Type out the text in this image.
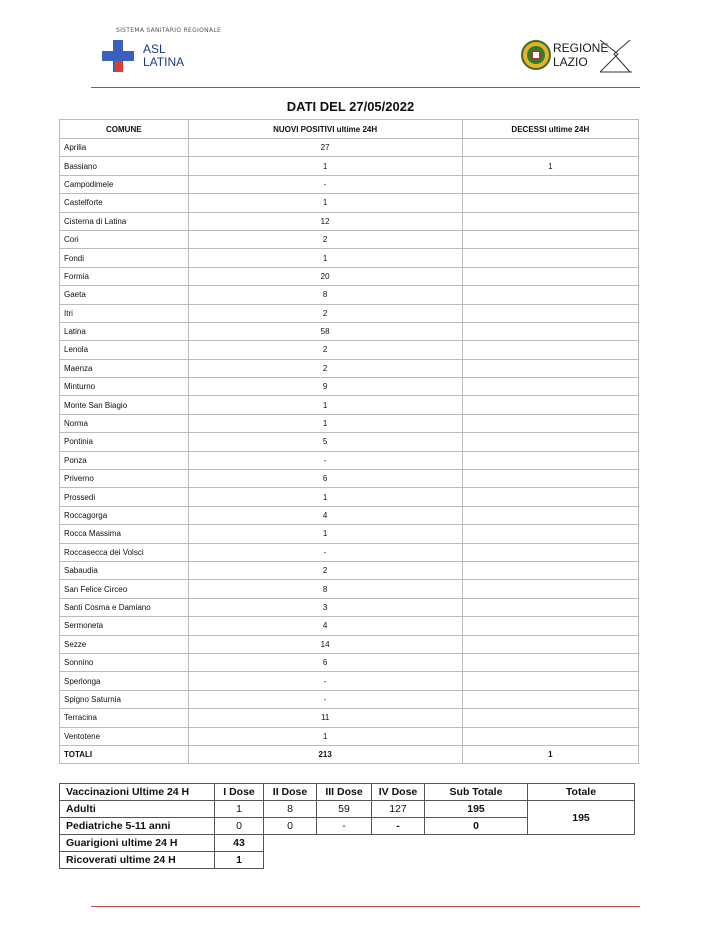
SISTEMA SANITARIO REGIONALE
ASL
LATINA
REGIONE
LAZIO
DATI DEL 27/05/2022
COMUNE	NUOVI POSITIVI ultime 24H	DECESSI ultime 24H
Aprilia	27	
Bassiano	1	1
Campodimele	-	
Castelforte	1	
Cisterna di Latina	12	
Cori	2	
Fondi	1	
Formia	20	
Gaeta	8	
Itri	2	
Latina	58	
Lenola	2	
Maenza	2	
Minturno	9	
Monte San Biagio	1	
Norma	1	
Pontinia	5	
Ponza	-	
Priverno	6	
Prossedi	1	
Roccagorga	4	
Rocca Massima	1	
Roccasecca dei Volsci	-	
Sabaudia	2	
San Felice Circeo	8	
Santi Cosma e Damiano	3	
Sermoneta	4	
Sezze	14	
Sonnino	6	
Sperlonga	-	
Spigno Saturnia	-	
Terracina	11	
Ventotene	1	
TOTALI	213	1
Vaccinazioni Ultime 24 H	I Dose	II Dose	III Dose	IV Dose	Sub Totale	Totale
Adulti	1	8	59	127	195	195
Pediatriche 5-11 anni	0	0	-	-	0	
Guarigioni ultime 24 H	43					
Ricoverati ultime 24 H	1					
